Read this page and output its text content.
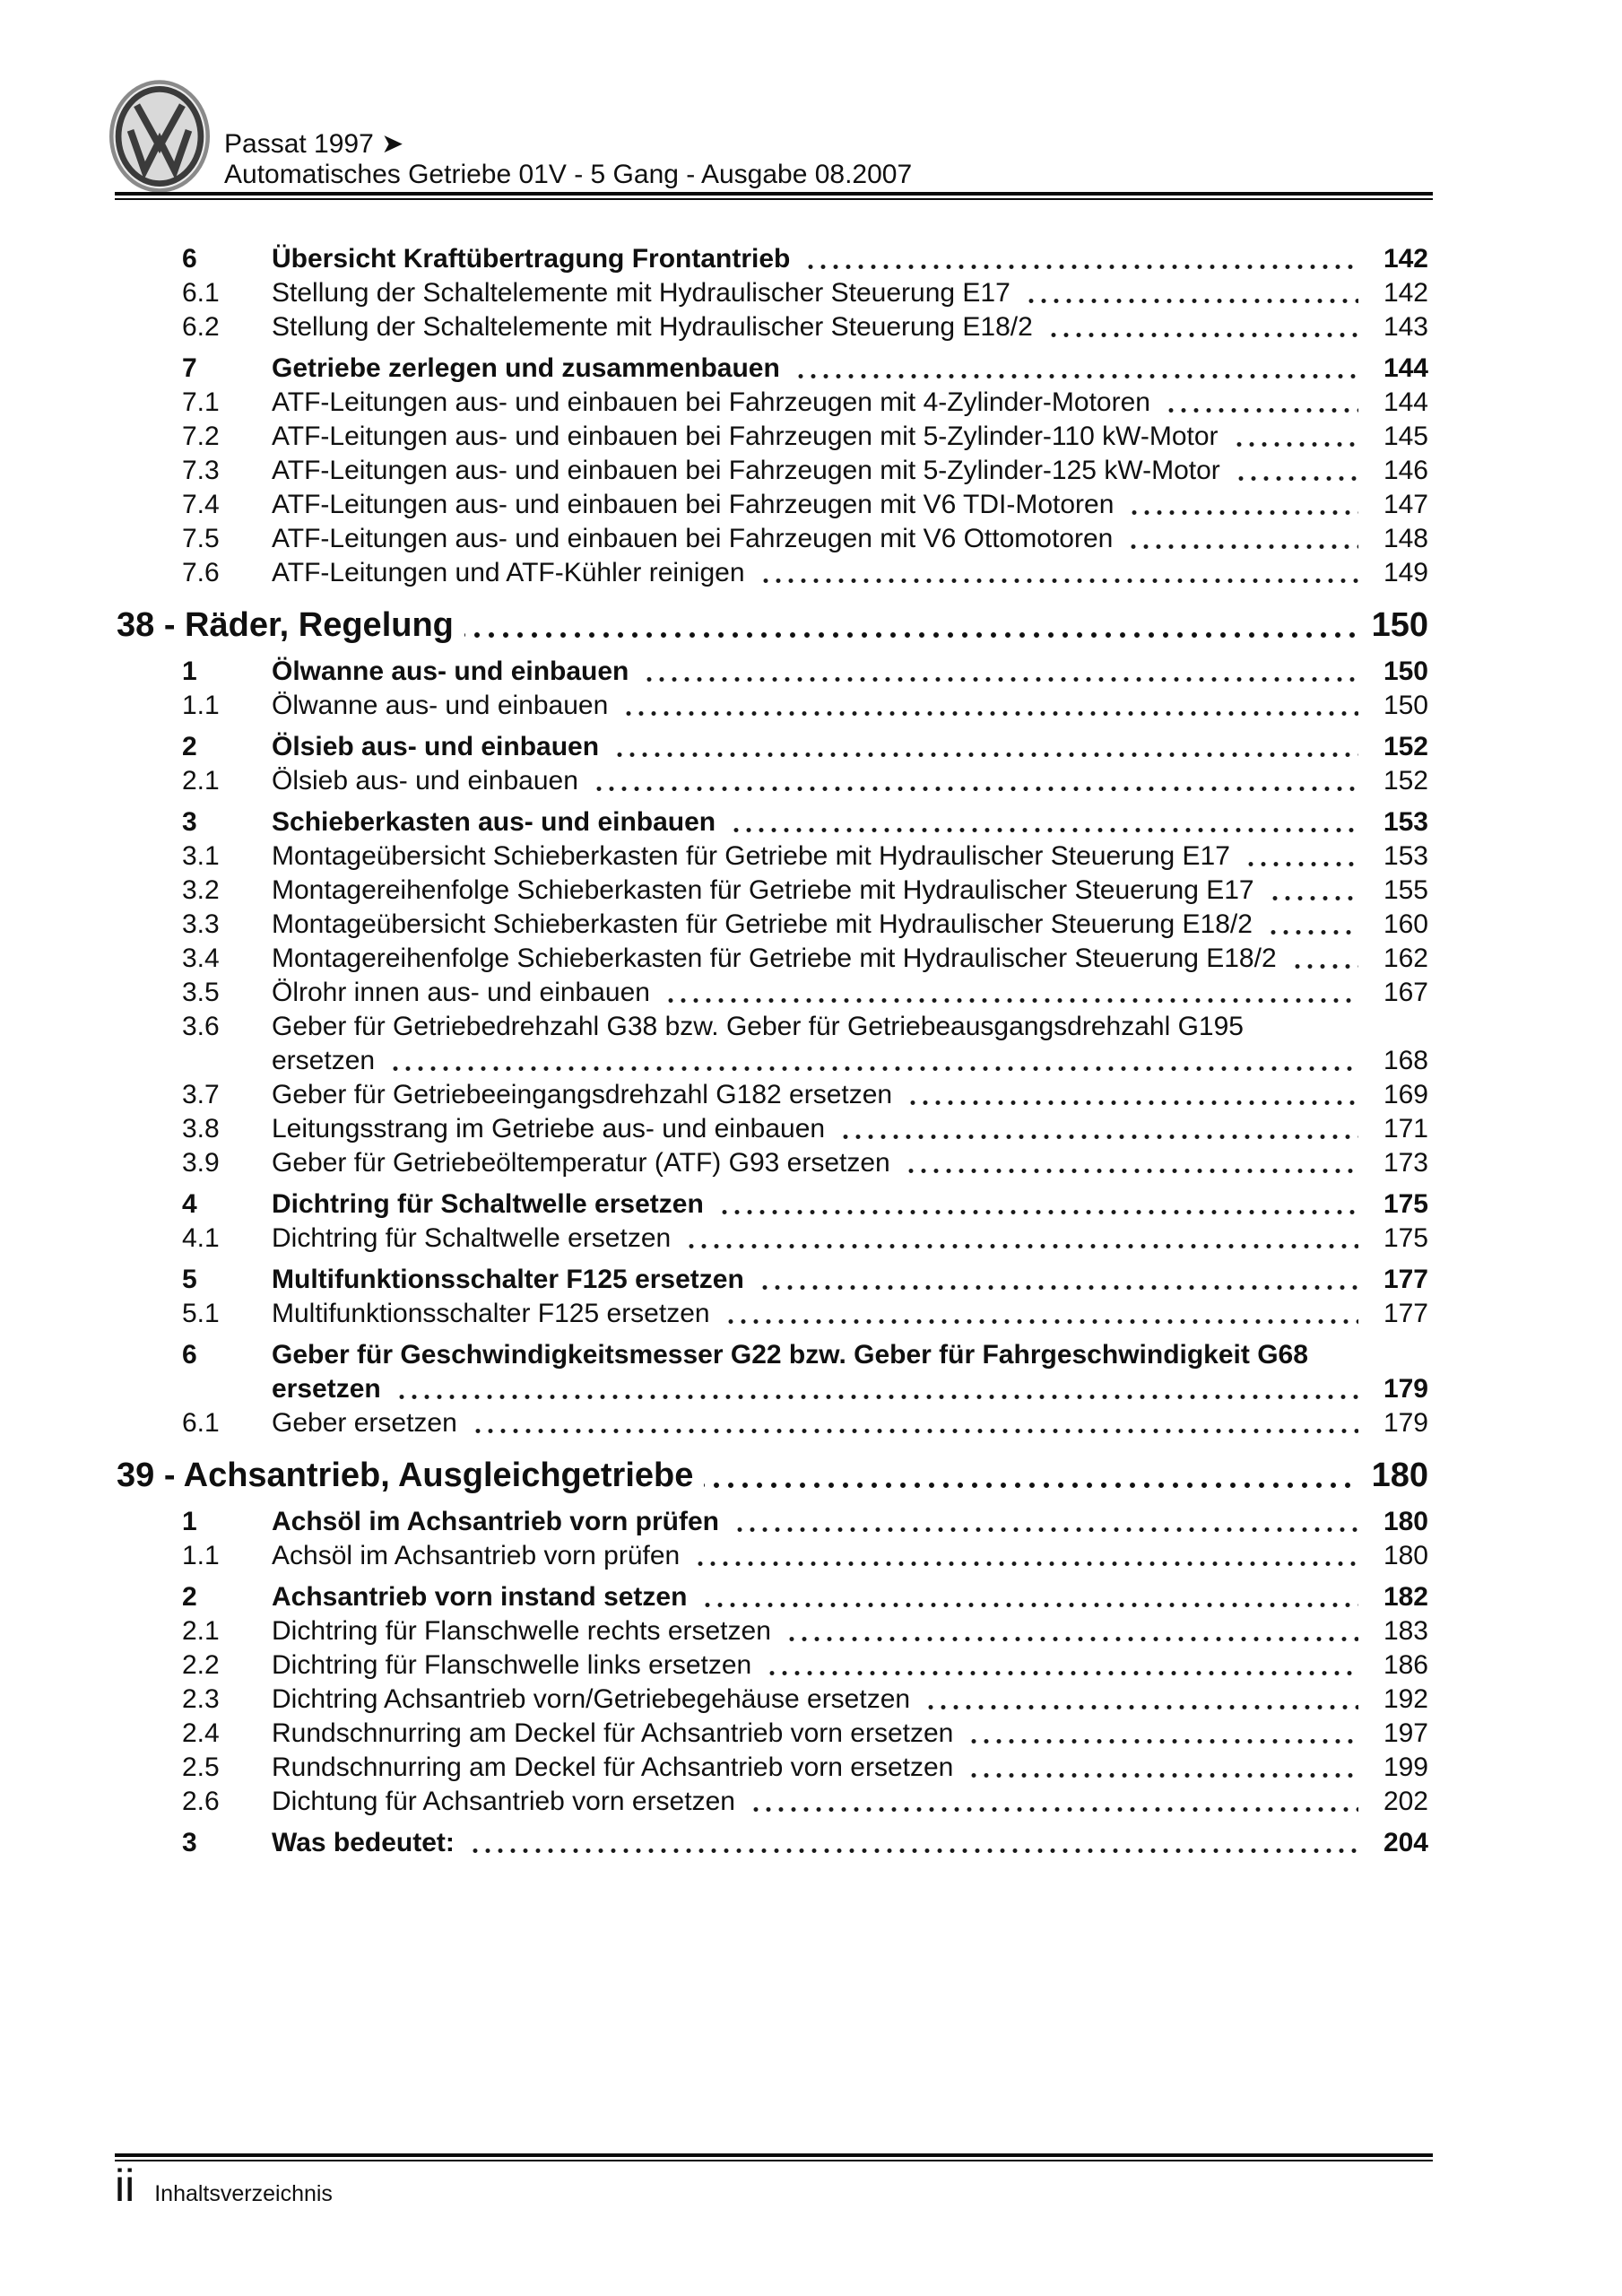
Passat 1997 ➤
Automatisches Getriebe 01V - 5 Gang - Ausgabe 08.2007
6	Übersicht Kraftübertragung Frontantrieb	142
6.1	Stellung der Schaltelemente mit Hydraulischer Steuerung E17	142
6.2	Stellung der Schaltelemente mit Hydraulischer Steuerung E18/2	143
7	Getriebe zerlegen und zusammenbauen	144
7.1	ATF-Leitungen aus- und einbauen bei Fahrzeugen mit 4-Zylinder-Motoren	144
7.2	ATF-Leitungen aus- und einbauen bei Fahrzeugen mit 5-Zylinder-110 kW-Motor	145
7.3	ATF-Leitungen aus- und einbauen bei Fahrzeugen mit 5-Zylinder-125 kW-Motor	146
7.4	ATF-Leitungen aus- und einbauen bei Fahrzeugen mit V6 TDI-Motoren	147
7.5	ATF-Leitungen aus- und einbauen bei Fahrzeugen mit V6 Ottomotoren	148
7.6	ATF-Leitungen und ATF-Kühler reinigen	149
38 - Räder, Regelung	150
1	Ölwanne aus- und einbauen	150
1.1	Ölwanne aus- und einbauen	150
2	Ölsieb aus- und einbauen	152
2.1	Ölsieb aus- und einbauen	152
3	Schieberkasten aus- und einbauen	153
3.1	Montageübersicht Schieberkasten für Getriebe mit Hydraulischer Steuerung E17	153
3.2	Montagereihenfolge Schieberkasten für Getriebe mit Hydraulischer Steuerung E17	155
3.3	Montageübersicht Schieberkasten für Getriebe mit Hydraulischer Steuerung E18/2	160
3.4	Montagereihenfolge Schieberkasten für Getriebe mit Hydraulischer Steuerung E18/2	162
3.5	Ölrohr innen aus- und einbauen	167
3.6	Geber für Getriebedrehzahl G38 bzw. Geber für Getriebeausgangsdrehzahl G195
ersetzen	168
3.7	Geber für Getriebeeingangsdrehzahl G182 ersetzen	169
3.8	Leitungsstrang im Getriebe aus- und einbauen	171
3.9	Geber für Getriebeöltemperatur (ATF) G93 ersetzen	173
4	Dichtring für Schaltwelle ersetzen	175
4.1	Dichtring für Schaltwelle ersetzen	175
5	Multifunktionsschalter F125 ersetzen	177
5.1	Multifunktionsschalter F125 ersetzen	177
6	Geber für Geschwindigkeitsmesser G22 bzw. Geber für Fahrgeschwindigkeit G68
ersetzen	179
6.1	Geber ersetzen	179
39 - Achsantrieb, Ausgleichgetriebe	180
1	Achsöl im Achsantrieb vorn prüfen	180
1.1	Achsöl im Achsantrieb vorn prüfen	180
2	Achsantrieb vorn instand setzen	182
2.1	Dichtring für Flanschwelle rechts ersetzen	183
2.2	Dichtring für Flanschwelle links ersetzen	186
2.3	Dichtring Achsantrieb vorn/Getriebegehäuse ersetzen	192
2.4	Rundschnurring am Deckel für Achsantrieb vorn ersetzen	197
2.5	Rundschnurring am Deckel für Achsantrieb vorn ersetzen	199
2.6	Dichtung für Achsantrieb vorn ersetzen	202
3	Was bedeutet:	204
ii Inhaltsverzeichnis
